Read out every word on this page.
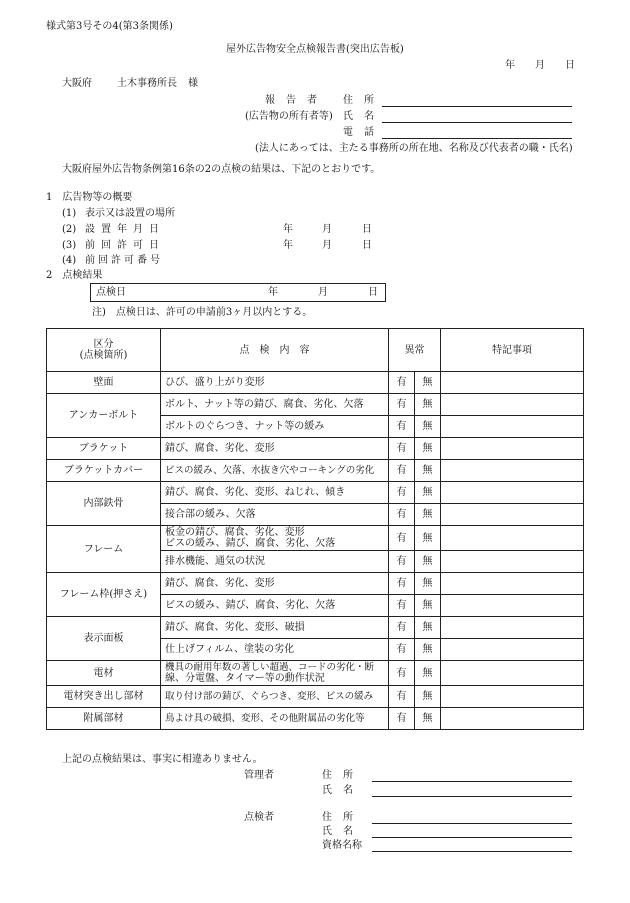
様式第3号その4(第3条関係)
屋外広告物安全点検報告書(突出広告板)
年 月 日
大阪府	土木事務所長 様
報告者 住所
(広告物の所有者等) 氏名
電話
(法人にあっては、主たる事務所の所在地、名称及び代表者の職・氏名)
大阪府屋外広告物条例第16条の2の点検の結果は、下記のとおりです。
1　広告物等の概要
(1) 表示又は設置の場所
(2) 設置年月日	年	月	日
(3) 前回許可日	年	月	日
(4) 前回許可番号
2　点検結果
点検日	年	月	日
注)　点検日は、許可の申請前3ヶ月以内とする。
区分
(点検箇所)	点　検　内　容	異常		特記事項
壁面	ひび、盛り上がり変形	有	無	
アンカーボルト	ボルト、ナット等の錆び、腐食、劣化、欠落	有	無	
	ボルトのぐらつき、ナット等の緩み	有	無	
ブラケット	錆び、腐食、劣化、変形	有	無	
ブラケットカバー	ビスの緩み、欠落、水抜き穴やコーキングの劣化	有	無	
内部鉄骨	錆び、腐食、劣化、変形、ねじれ、傾き	有	無	
	接合部の緩み、欠落	有	無	
フレーム	板金の錆び、腐食、劣化、変形
ビスの緩み、錆び、腐食、劣化、欠落	有	無	
	排水機能、通気の状況	有	無	
フレーム枠(押さえ)	錆び、腐食、劣化、変形	有	無	
	ビスの緩み、錆び、腐食、劣化、欠落	有	無	
表示面板	錆び、腐食、劣化、変形、破損	有	無	
	仕上げフィルム、塗装の劣化	有	無	
電材	機具の耐用年数の著しい超過、コードの劣化・断
線、分電盤、タイマー等の動作状況	有	無	
電材突き出し部材	取り付け部の錆び、ぐらつき、変形、ビスの緩み	有	無	
附属部材	鳥よけ具の破損、変形、その他附属品の劣化等	有	無	
上記の点検結果は、事実に相違ありません。
管理者	住所
氏名
点検者	住所
氏名
資格名称
